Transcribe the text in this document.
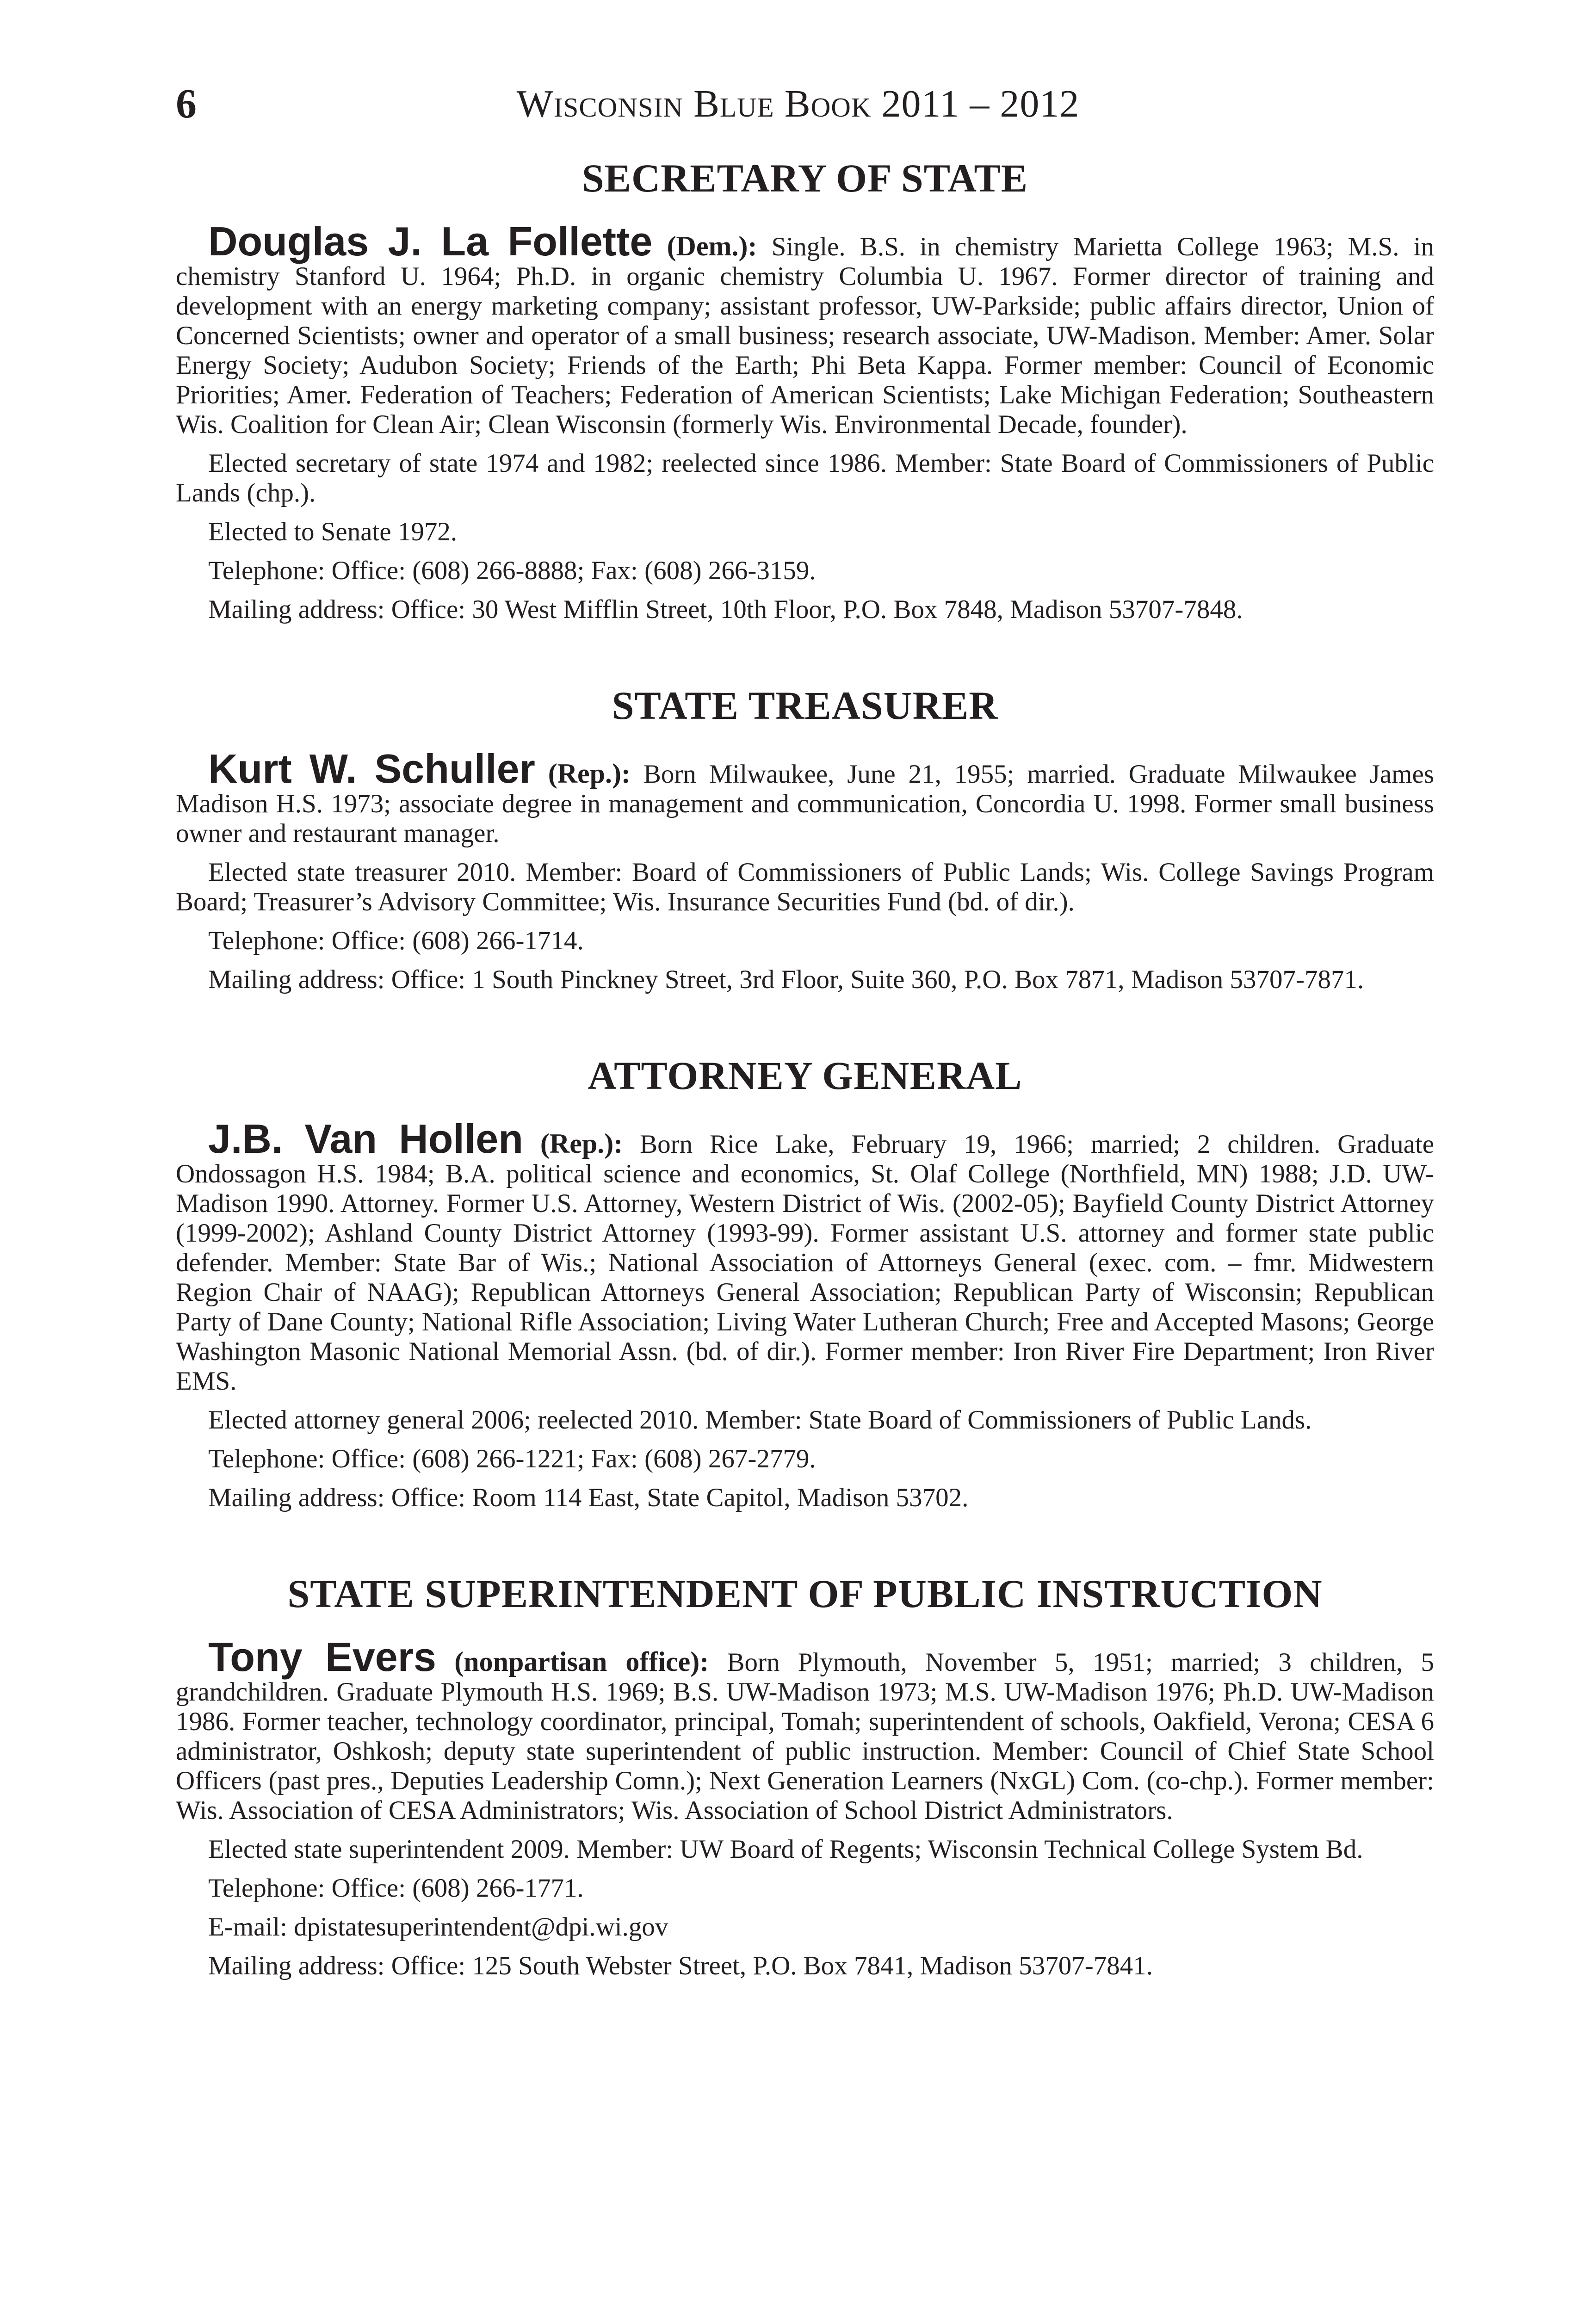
Wisconsin Blue Book 2011 – 2012
6
SECRETARY OF STATE

Douglas J. La Follette (Dem.): Single. B.S. in chemistry Marietta College 1963; M.S. in chemistry Stanford U. 1964; Ph.D. in organic chemistry Columbia U. 1967. Former director of training and development with an energy marketing company; assistant professor, UW-Parkside; public affairs director, Union of Concerned Scientists; owner and operator of a small business; research associate, UW-Madison. Member: Amer. Solar Energy Society; Audubon Society; Friends of the Earth; Phi Beta Kappa. Former member: Council of Economic Priorities; Amer. Federation of Teachers; Federation of American Scientists; Lake Michigan Federation; Southeastern Wis. Coalition for Clean Air; Clean Wisconsin (formerly Wis. Environmental Decade, founder).

Elected secretary of state 1974 and 1982; reelected since 1986. Member: State Board of Commissioners of Public Lands (chp.).

Elected to Senate 1972.

Telephone: Office: (608) 266-8888; Fax: (608) 266-3159.

Mailing address: Office: 30 West Mifflin Street, 10th Floor, P.O. Box 7848, Madison 53707-7848.

STATE TREASURER

Kurt W. Schuller (Rep.): Born Milwaukee, June 21, 1955; married. Graduate Milwaukee James Madison H.S. 1973; associate degree in management and communication, Concordia U. 1998. Former small business owner and restaurant manager.

Elected state treasurer 2010. Member: Board of Commissioners of Public Lands; Wis. College Savings Program Board; Treasurer’s Advisory Committee; Wis. Insurance Securities Fund (bd. of dir.).

Telephone: Office: (608) 266-1714.

Mailing address: Office: 1 South Pinckney Street, 3rd Floor, Suite 360, P.O. Box 7871, Madison 53707-7871.

ATTORNEY GENERAL

J.B. Van Hollen (Rep.): Born Rice Lake, February 19, 1966; married; 2 children. Graduate Ondossagon H.S. 1984; B.A. political science and economics, St. Olaf College (Northfield, MN) 1988; J.D. UW-Madison 1990. Attorney. Former U.S. Attorney, Western District of Wis. (2002-05); Bayfield County District Attorney (1999-2002); Ashland County District Attorney (1993-99). Former assistant U.S. attorney and former state public defender. Member: State Bar of Wis.; National Association of Attorneys General (exec. com. – fmr. Midwestern Region Chair of NAAG); Republican Attorneys General Association; Republican Party of Wisconsin; Republican Party of Dane County; National Rifle Association; Living Water Lutheran Church; Free and Accepted Masons; George Washington Masonic National Memorial Assn. (bd. of dir.). Former member: Iron River Fire Department; Iron River EMS.

Elected attorney general 2006; reelected 2010. Member: State Board of Commissioners of Public Lands.

Telephone: Office: (608) 266-1221; Fax: (608) 267-2779.

Mailing address: Office: Room 114 East, State Capitol, Madison 53702.

STATE SUPERINTENDENT OF PUBLIC INSTRUCTION

Tony Evers (nonpartisan office): Born Plymouth, November 5, 1951; married; 3 children, 5 grandchildren. Graduate Plymouth H.S. 1969; B.S. UW-Madison 1973; M.S. UW-Madison 1976; Ph.D. UW-Madison 1986. Former teacher, technology coordinator, principal, Tomah; superintendent of schools, Oakfield, Verona; CESA 6 administrator, Oshkosh; deputy state superintendent of public instruction. Member: Council of Chief State School Officers (past pres., Deputies Leadership Comn.); Next Generation Learners (NxGL) Com. (co-chp.). Former member: Wis. Association of CESA Administrators; Wis. Association of School District Administrators.

Elected state superintendent 2009. Member: UW Board of Regents; Wisconsin Technical College System Bd.

Telephone: Office: (608) 266-1771.

E-mail: dpistatesuperintendent@dpi.wi.gov

Mailing address: Office: 125 South Webster Street, P.O. Box 7841, Madison 53707-7841.
